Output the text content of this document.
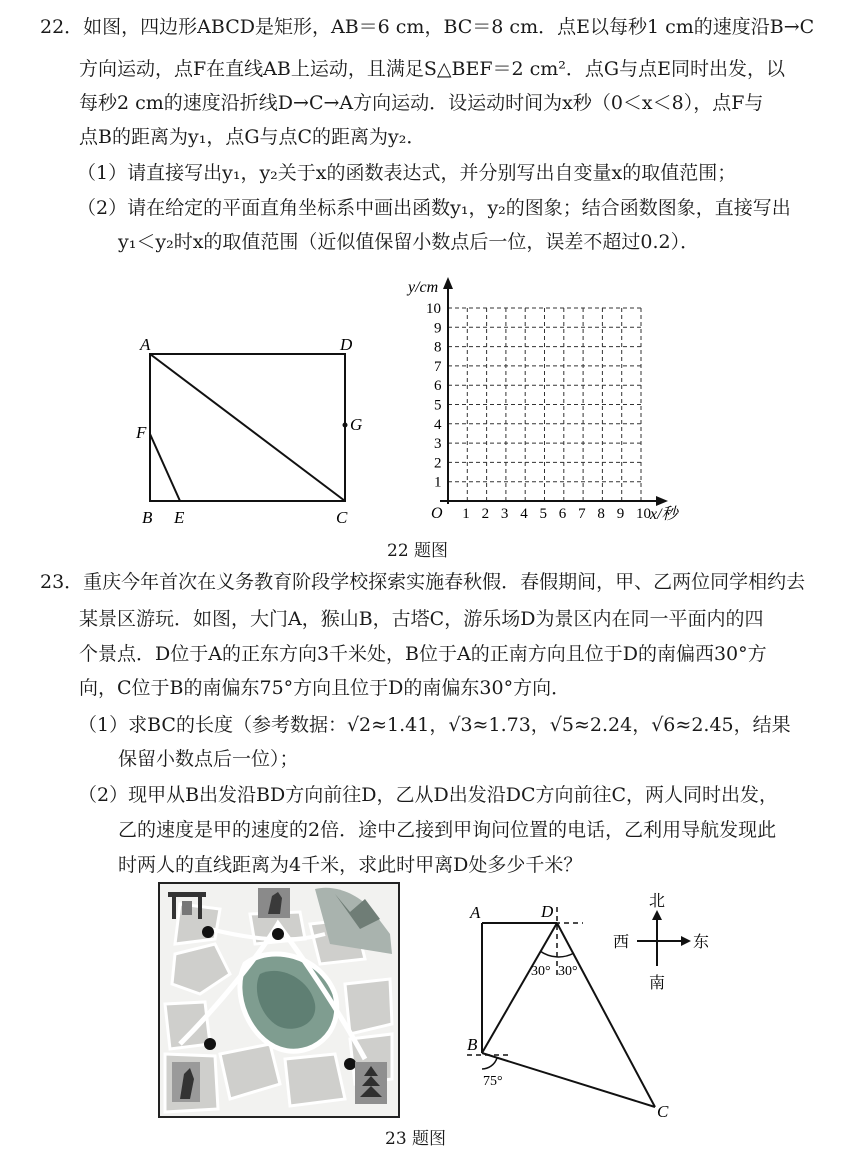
22．如图，四边形ABCD是矩形，AB＝6 cm，BC＝8 cm．点E以每秒1 cm的速度沿B→C
方向运动，点F在直线AB上运动，且满足S△BEF＝2 cm²．点G与点E同时出发，以
每秒2 cm的速度沿折线D→C→A方向运动．设运动时间为x秒（0＜x＜8），点F与
点B的距离为y₁，点G与点C的距离为y₂．
（1）请直接写出y₁，y₂关于x的函数表达式，并分别写出自变量x的取值范围；
（2）请在给定的平面直角坐标系中画出函数y₁，y₂的图象；结合函数图象，直接写出
y₁＜y₂时x的取值范围（近似值保留小数点后一位，误差不超过0.2）．
A	D
F	G
B E	C	1 2 3 4 5 6 7 8 9 10
1
2
3
4
5
6
7
8
9
10
y/cm
x/秒
O
22 题图
23．重庆今年首次在义务教育阶段学校探索实施春秋假．春假期间，甲、乙两位同学相约去
某景区游玩．如图，大门A，猴山B，古塔C，游乐场D为景区内在同一平面内的四
个景点．D位于A的正东方向3千米处，B位于A的正南方向且位于D的南偏西30°方
向，C位于B的南偏东75°方向且位于D的南偏东30°方向．
（1）求BC的长度（参考数据：√2≈1.41，√3≈1.73，√5≈2.24，√6≈2.45，结果
保留小数点后一位）；
（2）现甲从B出发沿BD方向前往D，乙从D出发沿DC方向前往C，两人同时出发，
乙的速度是甲的速度的2倍．途中乙接到甲询问位置的电话，乙利用导航发现此
时两人的直线距离为4千米，求此时甲离D处多少千米？
A	D
B
C
30° 30°
75°
北
西	东
南
23 题图
